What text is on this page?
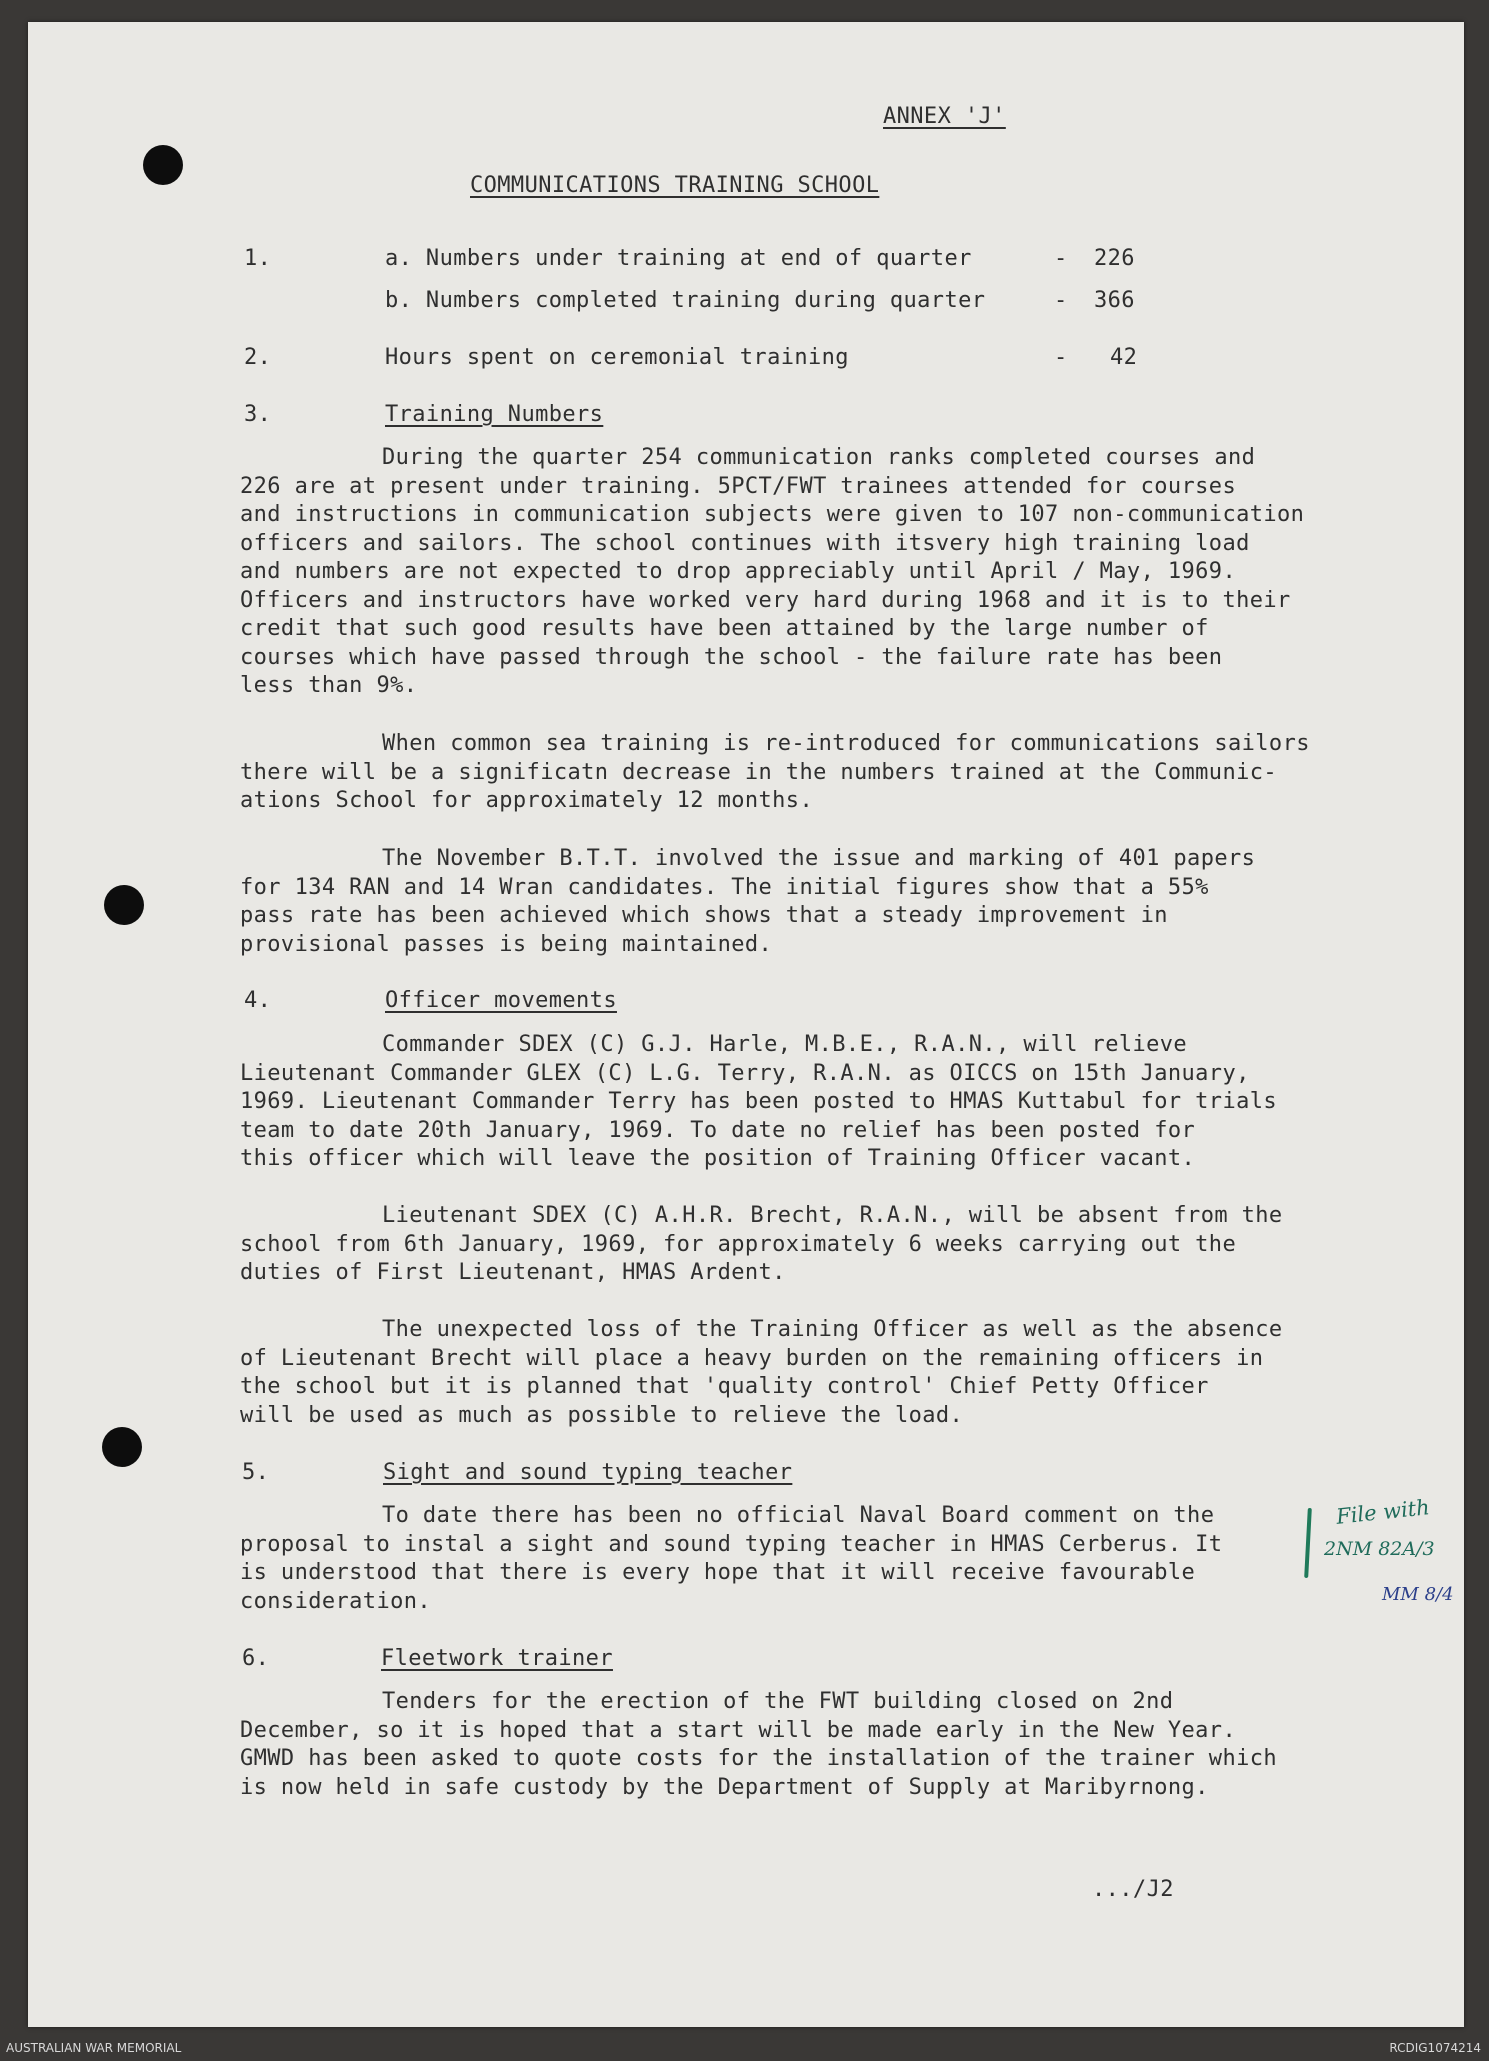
ANNEX 'J'
COMMUNICATIONS TRAINING SCHOOL
1.	a. Numbers under training at end of quarter	- 226
b. Numbers completed training during quarter	- 366
2.	Hours spent on ceremonial training	- 42
3.	Training Numbers
During the quarter 254 communication ranks completed courses and
226 are at present under training. 5PCT/FWT trainees attended for courses
and instructions in communication subjects were given to 107 non-communication
officers and sailors. The school continues with itsvery high training load
and numbers are not expected to drop appreciably until April / May, 1969.
Officers and instructors have worked very hard during 1968 and it is to their
credit that such good results have been attained by the large number of
courses which have passed through the school - the failure rate has been
less than 9%.
When common sea training is re-introduced for communications sailors
there will be a significatn decrease in the numbers trained at the Communic-
ations School for approximately 12 months.
The November B.T.T. involved the issue and marking of 401 papers
for 134 RAN and 14 Wran candidates. The initial figures show that a 55%
pass rate has been achieved which shows that a steady improvement in
provisional passes is being maintained.
4.	Officer movements
Commander SDEX (C) G.J. Harle, M.B.E., R.A.N., will relieve
Lieutenant Commander GLEX (C) L.G. Terry, R.A.N. as OICCS on 15th January,
1969. Lieutenant Commander Terry has been posted to HMAS Kuttabul for trials
team to date 20th January, 1969. To date no relief has been posted for
this officer which will leave the position of Training Officer vacant.
Lieutenant SDEX (C) A.H.R. Brecht, R.A.N., will be absent from the
school from 6th January, 1969, for approximately 6 weeks carrying out the
duties of First Lieutenant, HMAS Ardent.
The unexpected loss of the Training Officer as well as the absence
of Lieutenant Brecht will place a heavy burden on the remaining officers in
the school but it is planned that 'quality control' Chief Petty Officer
will be used as much as possible to relieve the load.
5.	Sight and sound typing teacher
To date there has been no official Naval Board comment on the
proposal to instal a sight and sound typing teacher in HMAS Cerberus. It
is understood that there is every hope that it will receive favourable
consideration.
6.	Fleetwork trainer
Tenders for the erection of the FWT building closed on 2nd
December, so it is hoped that a start will be made early in the New Year.
GMWD has been asked to quote costs for the installation of the trainer which
is now held in safe custody by the Department of Supply at Maribyrnong.
.../J2
File with
2NM 82A/3
MM 8/4
AUSTRALIAN WAR MEMORIAL	RCDIG1074214
